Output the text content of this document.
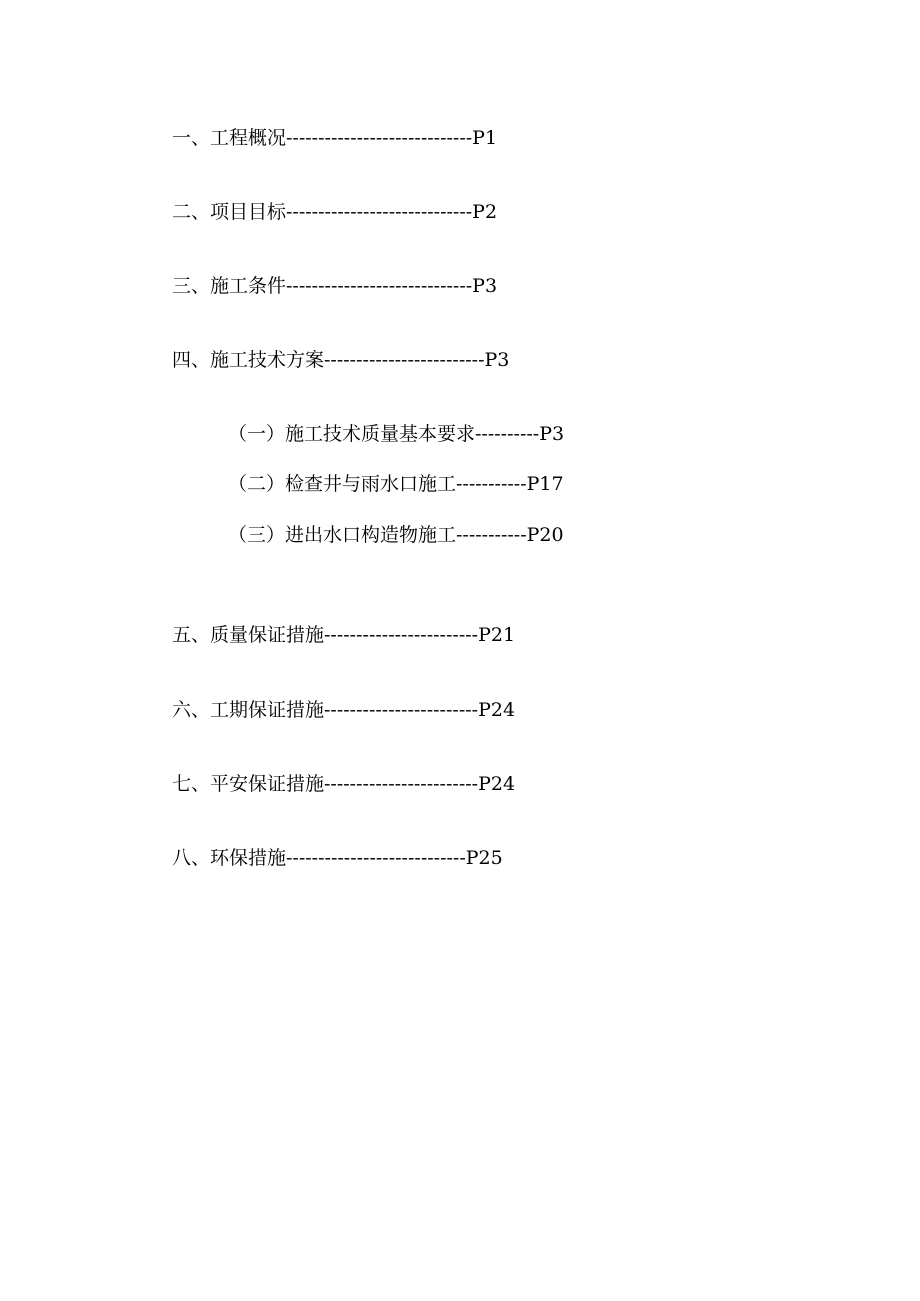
一、工程概况-----------------------------P1
二、项目目标-----------------------------P2
三、施工条件-----------------------------P3
四、施工技术方案-------------------------P3
（一）施工技术质量基本要求----------P3
（二）检查井与雨水口施工-----------P17
（三）进出水口构造物施工-----------P20
五、质量保证措施------------------------P21
六、工期保证措施------------------------P24
七、平安保证措施------------------------P24
八、环保措施----------------------------P25
